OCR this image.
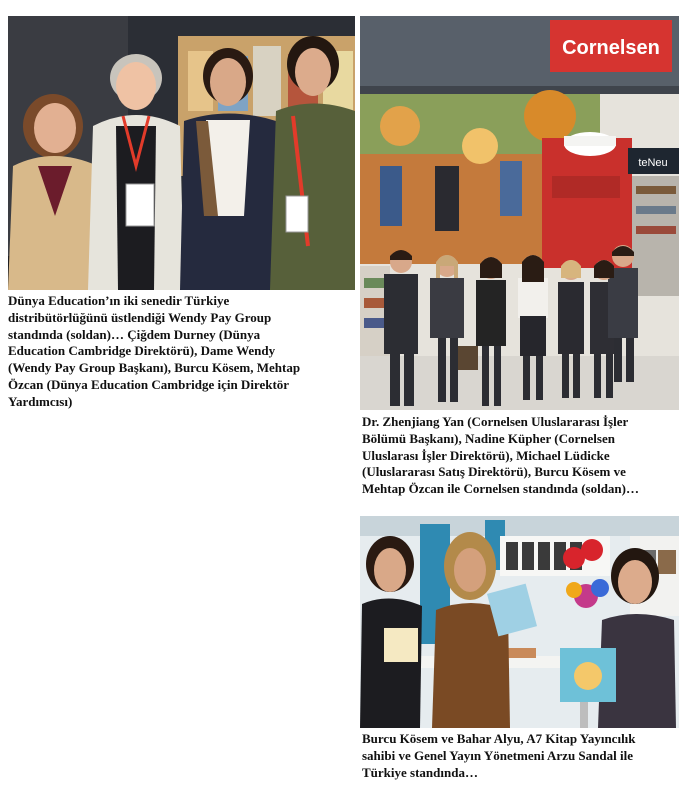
Dünya Education’ın iki senedir Türkiye
distribütörlüğünü üstlendiği Wendy Pay Group
standında (soldan)… Çiğdem Durney (Dünya
Education Cambridge Direktörü), Dame Wendy
(Wendy Pay Group Başkanı), Burcu Kösem, Mehtap
Özcan (Dünya Education Cambridge için Direktör
Yardımcısı)

Cornelsen
teNeu

Dr. Zhenjiang Yan (Cornelsen Uluslararası İşler
Bölümü Başkanı), Nadine Küpher (Cornelsen
Uluslarası İşler Direktörü), Michael Lüdicke
(Uluslararası Satış Direktörü), Burcu Kösem ve
Mehtap Özcan ile Cornelsen standında (soldan)…

Burcu Kösem ve Bahar Alyu, A7 Kitap Yayıncılık
sahibi ve Genel Yayın Yönetmeni Arzu Sandal ile
Türkiye standında…
